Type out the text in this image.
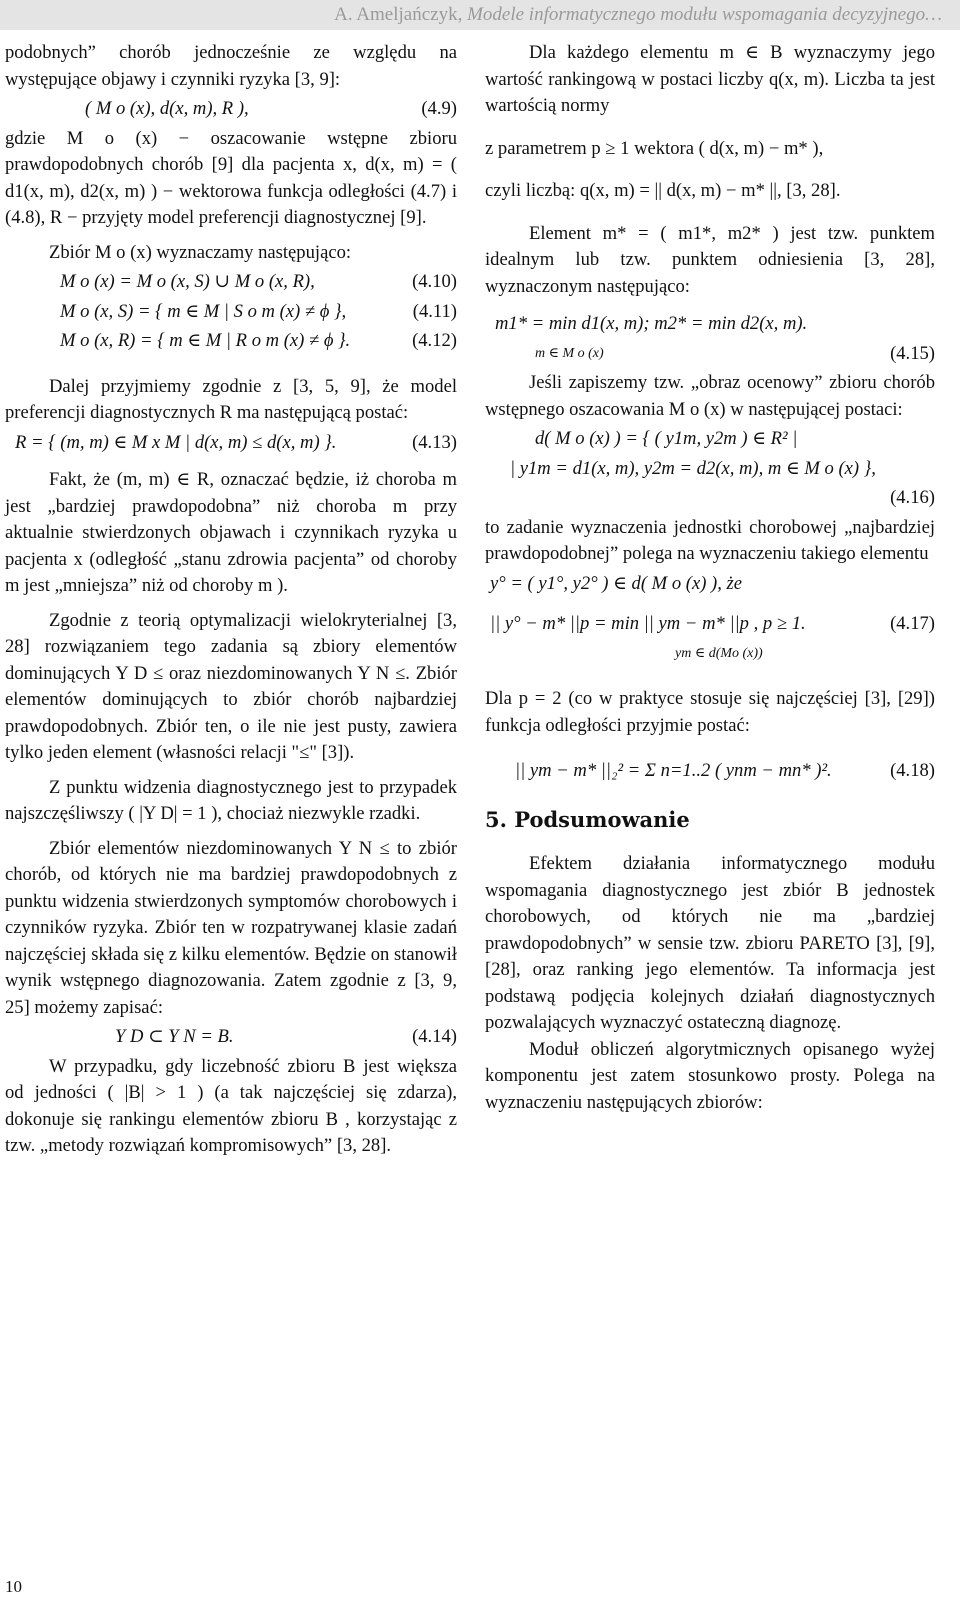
A. Ameljańczyk, Modele informatycznego modułu wspomagania decyzyjnego…

podobnych” chorób jednocześnie ze względu na występujące objawy i czynniki ryzyka [3, 9]:

( M o (x), d(x, m), R ),	(4.9)

gdzie M o (x) − oszacowanie wstępne zbioru prawdopodobnych chorób [9] dla pacjenta x, d(x, m) = ( d1(x, m), d2(x, m) ) − wektorowa funkcja odległości (4.7) i (4.8), R − przyjęty model preferencji diagnostycznej [9].

Zbiór M o (x) wyznaczamy następująco:

M o (x) = M o (x, S) ∪ M o (x, R),	(4.10)
M o (x, S) = { m ∈ M | S o m (x) ≠ ϕ },	(4.11)
M o (x, R) = { m ∈ M | R o m (x) ≠ ϕ }.	(4.12)

Dalej przyjmiemy zgodnie z [3, 5, 9], że model preferencji diagnostycznych R ma następującą postać:

R = { (m, m) ∈ M x M | d(x, m) ≤ d(x, m) }.	(4.13)

Fakt, że (m, m) ∈ R, oznaczać będzie, iż choroba m jest „bardziej prawdopodobna” niż choroba m przy aktualnie stwierdzonych objawach i czynnikach ryzyka u pacjenta x (odległość „stanu zdrowia pacjenta” od choroby m jest „mniejsza” niż od choroby m ).

Zgodnie z teorią optymalizacji wielokryterialnej [3, 28] rozwiązaniem tego zadania są zbiory elementów dominujących Y D ≤ oraz niezdominowanych Y N ≤. Zbiór elementów dominujących to zbiór chorób najbardziej prawdopodobnych. Zbiór ten, o ile nie jest pusty, zawiera tylko jeden element (własności relacji "≤" [3]).

Z punktu widzenia diagnostycznego jest to przypadek najszczęśliwszy ( |Y D| = 1 ), chociaż niezwykle rzadki.

Zbiór elementów niezdominowanych Y N ≤ to zbiór chorób, od których nie ma bardziej prawdopodobnych z punktu widzenia stwierdzonych symptomów chorobowych i czynników ryzyka. Zbiór ten w rozpatrywanej klasie zadań najczęściej składa się z kilku elementów. Będzie on stanowił wynik wstępnego diagnozowania. Zatem zgodnie z [3, 9, 25] możemy zapisać:

Y D ⊂ Y N = B.	(4.14)

W przypadku, gdy liczebność zbioru B jest większa od jedności ( |B| > 1 ) (a tak najczęściej się zdarza), dokonuje się rankingu elementów zbioru B , korzystając z tzw. „metody rozwiązań kompromisowych” [3, 28].

Dla każdego elementu m ∈ B wyznaczymy jego wartość rankingową w postaci liczby q(x, m). Liczba ta jest wartością normy

z parametrem p ≥ 1 wektora ( d(x, m) − m* ),

czyli liczbą: q(x, m) = || d(x, m) − m* ||, [3, 28].

Element m* = ( m1*, m2* ) jest tzw. punktem idealnym lub tzw. punktem odniesienia [3, 28], wyznaczonym następująco:

m1* = min d1(x, m); m2* = min d2(x, m).
m ∈ M o (x)	(4.15)

Jeśli zapiszemy tzw. „obraz ocenowy” zbioru chorób wstępnego oszacowania M o (x) w następującej postaci:

d( M o (x) ) = { ( y1m, y2m ) ∈ R² |
| y1m = d1(x, m), y2m = d2(x, m), m ∈ M o (x) },
(4.16)

to zadanie wyznaczenia jednostki chorobowej „najbardziej prawdopodobnej” polega na wyznaczeniu takiego elementu

y° = ( y1°, y2° ) ∈ d( M o (x) ), że
|| y° − m* ||p = min || ym − m* ||p , p ≥ 1.	(4.17)
ym ∈ d(Mo (x))

Dla p = 2 (co w praktyce stosuje się najczęściej [3], [29]) funkcja odległości przyjmie postać:

|| ym − m* ||₂² = Σ n=1..2 ( ynm − mn* )².	(4.18)
5. Podsumowanie

Efektem działania informatycznego modułu wspomagania diagnostycznego jest zbiór B jednostek chorobowych, od których nie ma „bardziej prawdopodobnych” w sensie tzw. zbioru PARETO [3], [9], [28], oraz ranking jego elementów. Ta informacja jest podstawą podjęcia kolejnych działań diagnostycznych pozwalających wyznaczyć ostateczną diagnozę.

Moduł obliczeń algorytmicznych opisanego wyżej komponentu jest zatem stosunkowo prosty. Polega na wyznaczeniu następujących zbiorów:

10
